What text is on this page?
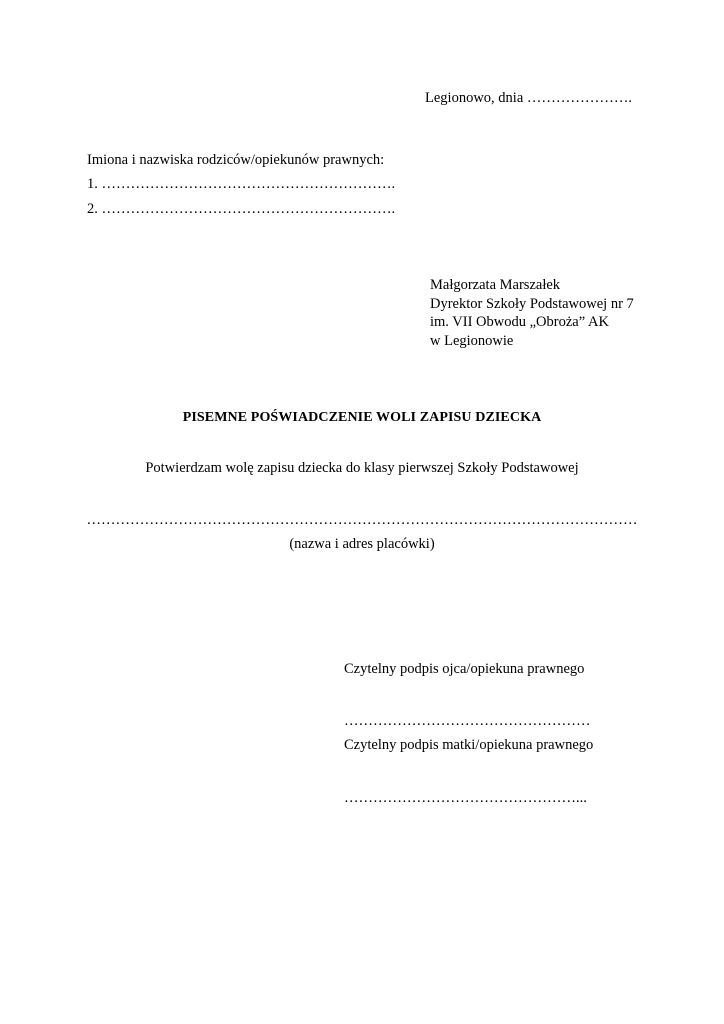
Legionowo, dnia ………………….

Imiona i nazwiska rodziców/opiekunów prawnych:

1. …………………………………………………….

2. …………………………………………………….

Małgorzata Marszałek
Dyrektor Szkoły Podstawowej nr 7
im. VII Obwodu „Obroża” AK
w Legionowie
PISEMNE POŚWIADCZENIE WOLI ZAPISU DZIECKA
Potwierdzam wolę zapisu dziecka do klasy pierwszej Szkoły Podstawowej
……………………………………………………………………………………………………
(nazwa i adres placówki)

Czytelny podpis ojca/opiekuna prawnego

……………………………………………

Czytelny podpis matki/opiekuna prawnego

…………………………………………...
